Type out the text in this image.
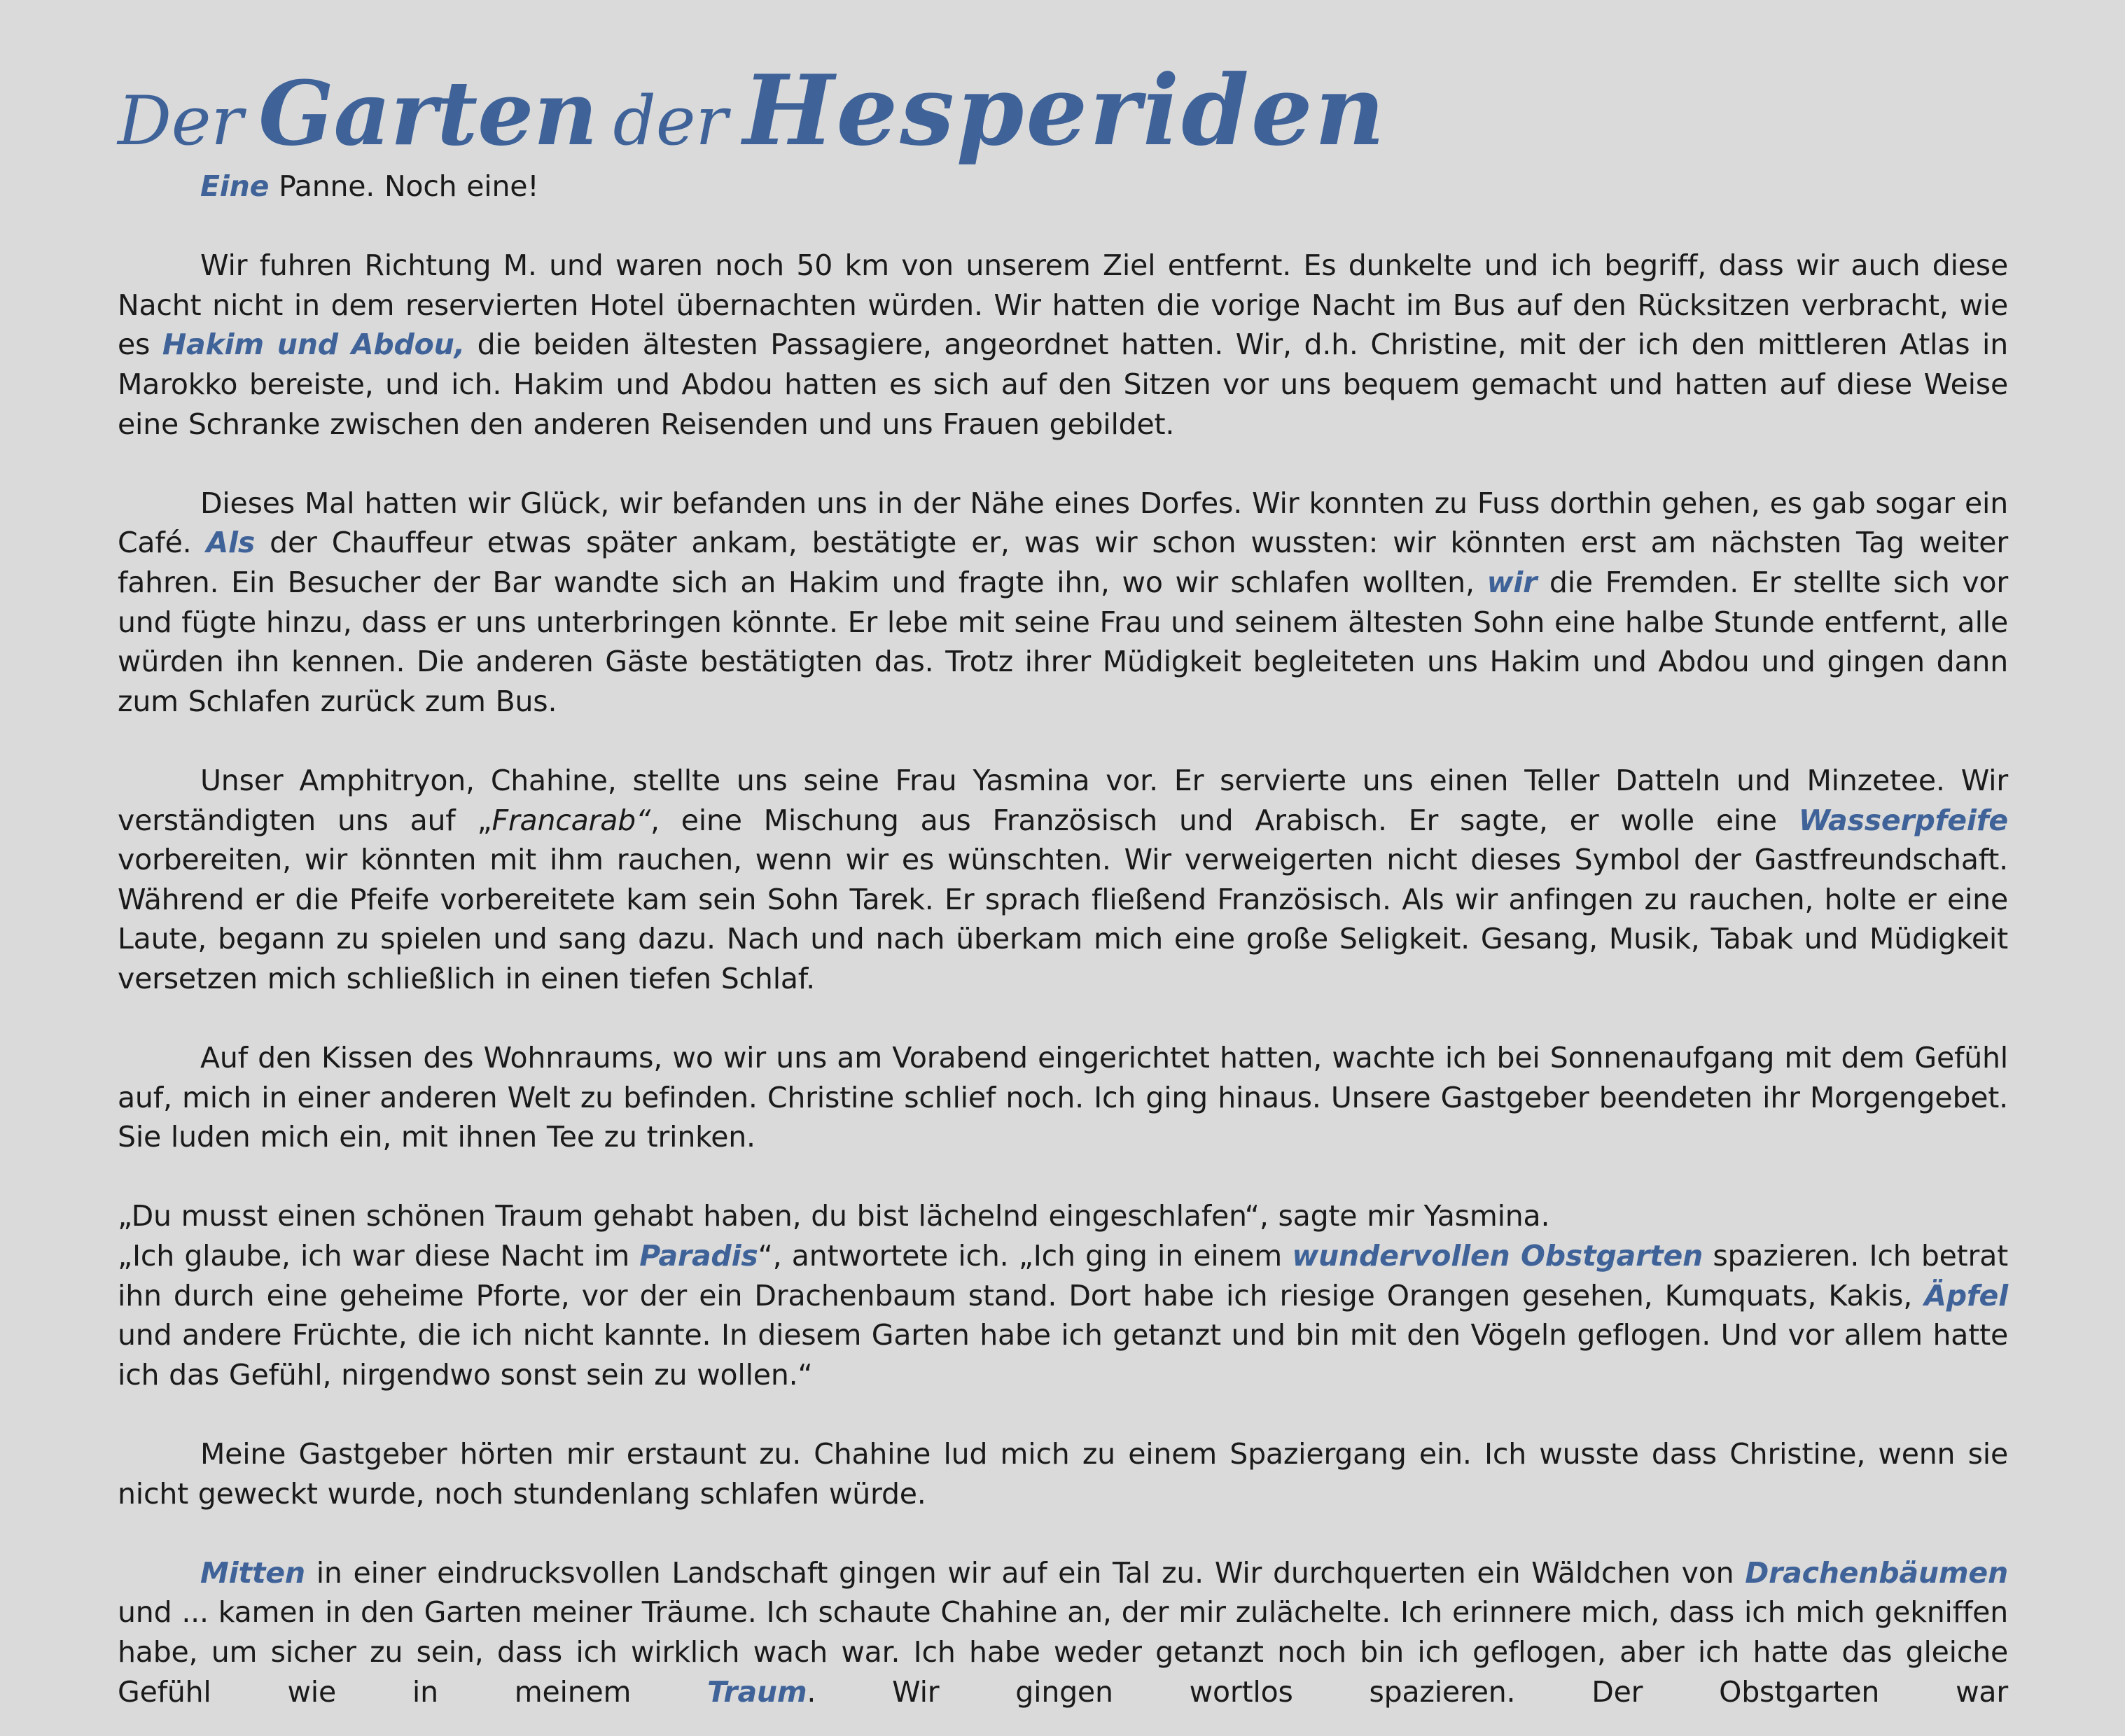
Der Garten der Hesperiden

Eine Panne. Noch eine!

Wir fuhren Richtung M. und waren noch 50 km von unserem Ziel entfernt. Es dunkelte und ich begriff, dass wir auch diese Nacht nicht in dem reservierten Hotel übernachten würden. Wir hatten die vorige Nacht im Bus auf den Rücksitzen verbracht, wie es Hakim und Abdou, die beiden ältesten Passagiere, angeordnet hatten. Wir, d.h. Christine, mit der ich den mittleren Atlas in Marokko bereiste, und ich. Hakim und Abdou hatten es sich auf den Sitzen vor uns bequem gemacht und hatten auf diese Weise eine Schranke zwischen den anderen Reisenden und uns Frauen gebildet.

Dieses Mal hatten wir Glück, wir befanden uns in der Nähe eines Dorfes. Wir konnten zu Fuss dorthin gehen, es gab sogar ein Café. Als der Chauffeur etwas später ankam, bestätigte er, was wir schon wussten: wir könnten erst am nächsten Tag weiter fahren. Ein Besucher der Bar wandte sich an Hakim und fragte ihn, wo wir schlafen wollten, wir die Fremden. Er stellte sich vor und fügte hinzu, dass er uns unterbringen könnte. Er lebe mit seine Frau und seinem ältesten Sohn eine halbe Stunde entfernt, alle würden ihn kennen. Die anderen Gäste bestätigten das. Trotz ihrer Müdigkeit begleiteten uns Hakim und Abdou und gingen dann zum Schlafen zurück zum Bus.

Unser Amphitryon, Chahine, stellte uns seine Frau Yasmina vor. Er servierte uns einen Teller Datteln und Minzetee. Wir verständigten uns auf „Francarab“, eine Mischung aus Französisch und Arabisch. Er sagte, er wolle eine Wasserpfeife vorbereiten, wir könnten mit ihm rauchen, wenn wir es wünschten. Wir verweigerten nicht dieses Symbol der Gastfreundschaft. Während er die Pfeife vorbereitete kam sein Sohn Tarek. Er sprach fließend Französisch. Als wir anfingen zu rauchen, holte er eine Laute, begann zu spielen und sang dazu. Nach und nach überkam mich eine große Seligkeit. Gesang, Musik, Tabak und Müdigkeit versetzen mich schließlich in einen tiefen Schlaf.

Auf den Kissen des Wohnraums, wo wir uns am Vorabend eingerichtet hatten, wachte ich bei Sonnenaufgang mit dem Gefühl auf, mich in einer anderen Welt zu befinden. Christine schlief noch. Ich ging hinaus. Unsere Gastgeber beendeten ihr Morgengebet. Sie luden mich ein, mit ihnen Tee zu trinken.

„Du musst einen schönen Traum gehabt haben, du bist lächelnd eingeschlafen“, sagte mir Yasmina.

„Ich glaube, ich war diese Nacht im Paradis“, antwortete ich. „Ich ging in einem wundervollen Obstgarten spazieren. Ich betrat ihn durch eine geheime Pforte, vor der ein Drachenbaum stand. Dort habe ich riesige Orangen gesehen, Kumquats, Kakis, Äpfel und andere Früchte, die ich nicht kannte. In diesem Garten habe ich getanzt und bin mit den Vögeln geflogen. Und vor allem hatte ich das Gefühl, nirgendwo sonst sein zu wollen.“

Meine Gastgeber hörten mir erstaunt zu. Chahine lud mich zu einem Spaziergang ein. Ich wusste dass Christine, wenn sie nicht geweckt wurde, noch stundenlang schlafen würde.

Mitten in einer eindrucksvollen Landschaft gingen wir auf ein Tal zu. Wir durchquerten ein Wäldchen von Drachenbäumen und ... kamen in den Garten meiner Träume. Ich schaute Chahine an, der mir zulächelte. Ich erinnere mich, dass ich mich gekniffen habe, um sicher zu sein, dass ich wirklich wach war. Ich habe weder getanzt noch bin ich geflogen, aber ich hatte das gleiche Gefühl wie in meinem Traum. Wir gingen wortlos spazieren. Der Obstgarten war
